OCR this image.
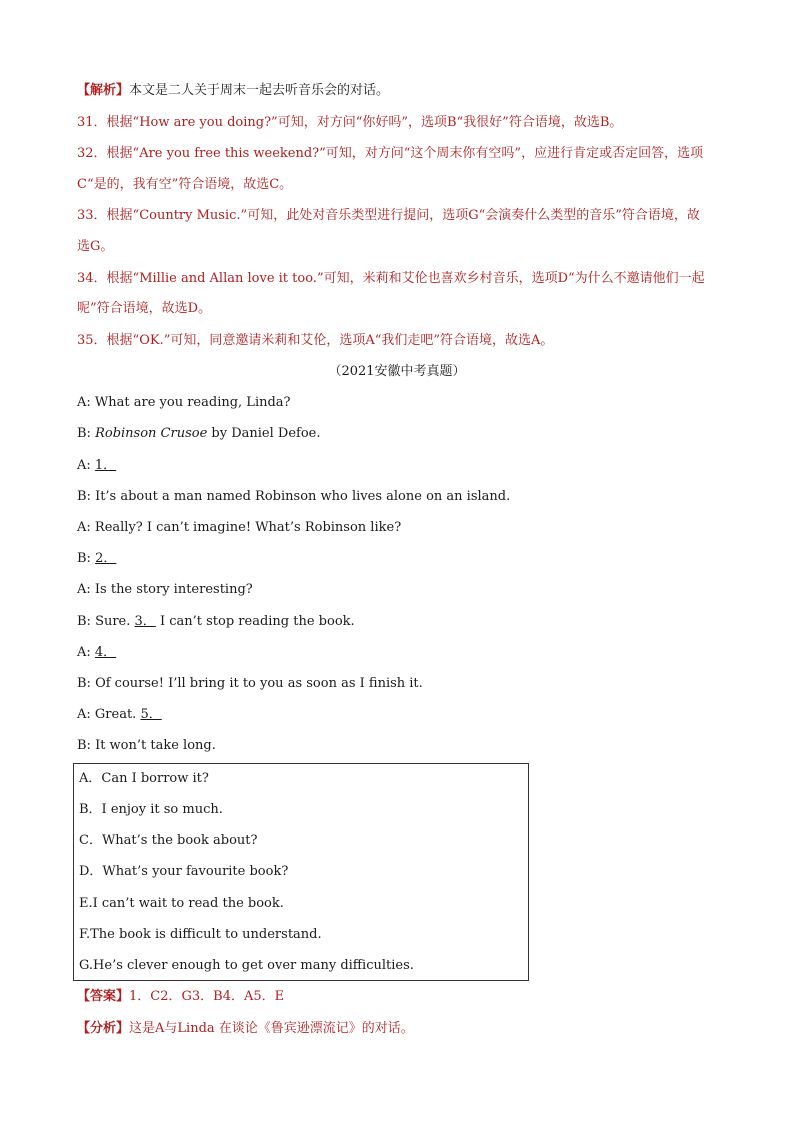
【解析】本文是二人关于周末一起去听音乐会的对话。
31．根据“How are you doing?”可知，对方问“你好吗”，选项B“我很好”符合语境，故选B。
32．根据“Are you free this weekend?”可知，对方问“这个周末你有空吗”，应进行肯定或否定回答，选项
C“是的，我有空”符合语境，故选C。
33．根据“Country Music.”可知，此处对音乐类型进行提问，选项G“会演奏什么类型的音乐”符合语境，故
选G。
34．根据“Millie and Allan love it too.”可知，米莉和艾伦也喜欢乡村音乐，选项D“为什么不邀请他们一起
呢”符合语境，故选D。
35．根据“OK.”可知，同意邀请米莉和艾伦，选项A“我们走吧”符合语境，故选A。
（2021安徽中考真题）
A: What are you reading, Linda?
B: Robinson Crusoe by Daniel Defoe.
A: 1．
B: It’s about a man named Robinson who lives alone on an island.
A: Really? I can’t imagine! What’s Robinson like?
B: 2．
A: Is the story interesting?
B: Sure. 3． I can’t stop reading the book.
A: 4．
B: Of course! I’ll bring it to you as soon as I finish it.
A: Great. 5．
B: It won’t take long.
A．Can I borrow it?
B．I enjoy it so much.
C．What’s the book about?
D．What’s your favourite book?
E.I can’t wait to read the book.
F.The book is difficult to understand.
G.He’s clever enough to get over many difficulties.
【答案】1．C2．G3．B4．A5．E
【分析】这是A与Linda 在谈论《鲁宾逊漂流记》的对话。
